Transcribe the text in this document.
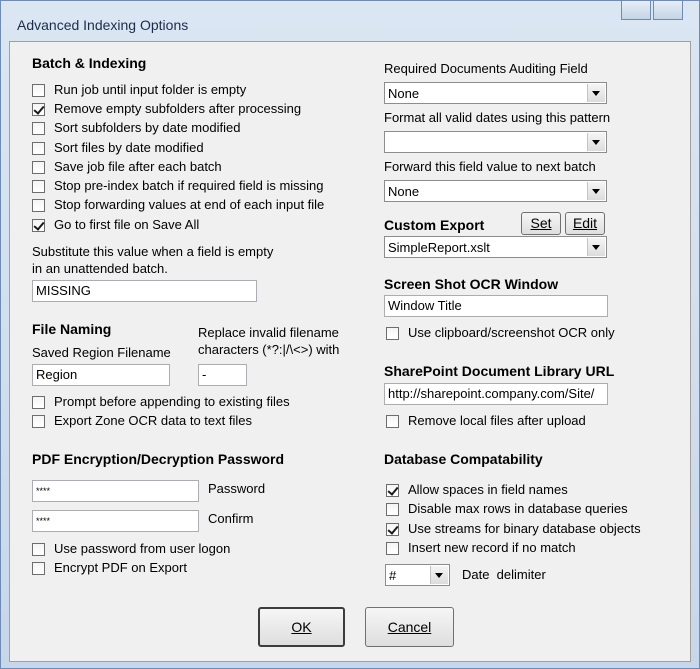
Advanced Indexing Options
Batch & Indexing
Run job until input folder is empty
Remove empty subfolders after processing
Sort subfolders by date modified
Sort files by date modified
Save job file after each batch
Stop pre-index batch if required field is missing
Stop forwarding values at end of each input file
Go to first file on Save All
Substitute this value when a field is empty
in an unattended batch.
MISSING
File Naming	Replace invalid filename
characters (*?:|/\<>) with
Saved Region Filename
Region	-
Prompt before appending to existing files
Export Zone OCR data to text files
PDF Encryption/Decryption Password
****	Password
****	Confirm
Use password from user logon
Encrypt PDF on Export
Required Documents Auditing Field
None
Format all valid dates using this pattern
Forward this field value to next batch
None
Custom Export	Set	Edit
SimpleReport.xslt
Screen Shot OCR Window
Window Title
Use clipboard/screenshot OCR only
SharePoint Document Library URL
http://sharepoint.company.com/Site/
Remove local files after upload
Database Compatability
Allow spaces in field names
Disable max rows in database queries
Use streams for binary database objects
Insert new record if no match
#	Date  delimiter
OK	Cancel
